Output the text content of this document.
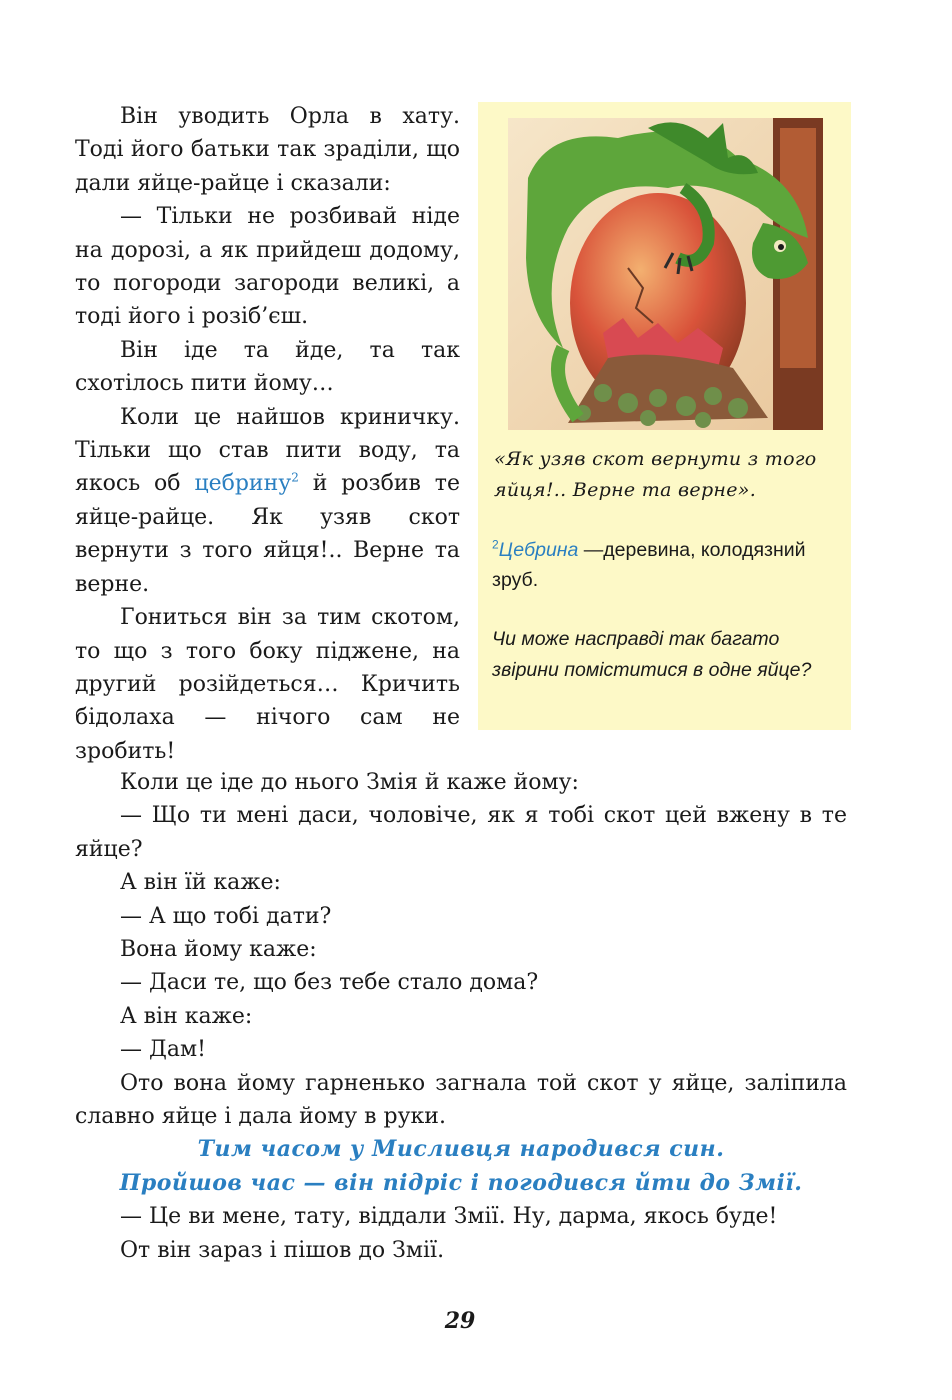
Він уводить Орла в хату. Тоді його батьки так зраділи, що дали яйце-райце і сказали:

— Тільки не розбивай ніде на дорозі, а як прийдеш додому, то погороди загороди великі, а тоді його і розіб’єш.

Він іде та йде, та так схотілось пити йому…

Коли це найшов криничку. Тільки що став пити воду, та якось об цебрину$^2$ й розбив те яйце-райце. Як узяв скот вернути з того яйця!.. Верне та верне.

Гониться він за тим скотом, то що з того боку піджене, на другий розійдеться… Кричить бідолаха — нічого сам не зробить!

«Як узяв скот вернути з того яйця!.. Верне та верне».
$^2$Цебрина —деревина, колодязний зруб.
Чи може насправді так багато звірини поміститися в одне яйце?

Коли це іде до нього Змія й каже йому:

— Що ти мені даси, чоловіче, як я тобі скот цей вжену в те яйце?

А він їй каже:

— А що тобі дати?

Вона йому каже:

— Даси те, що без тебе стало дома?

А він каже:

— Дам!

Ото вона йому гарненько загнала той скот у яйце, заліпила славно яйце і дала йому в руки.

Тим часом у Мисливця народився син.

Пройшов час — він підріс і погодився йти до Змії.

— Це ви мене, тату, віддали Змії. Ну, дарма, якось буде!

От він зараз і пішов до Змії.

29
